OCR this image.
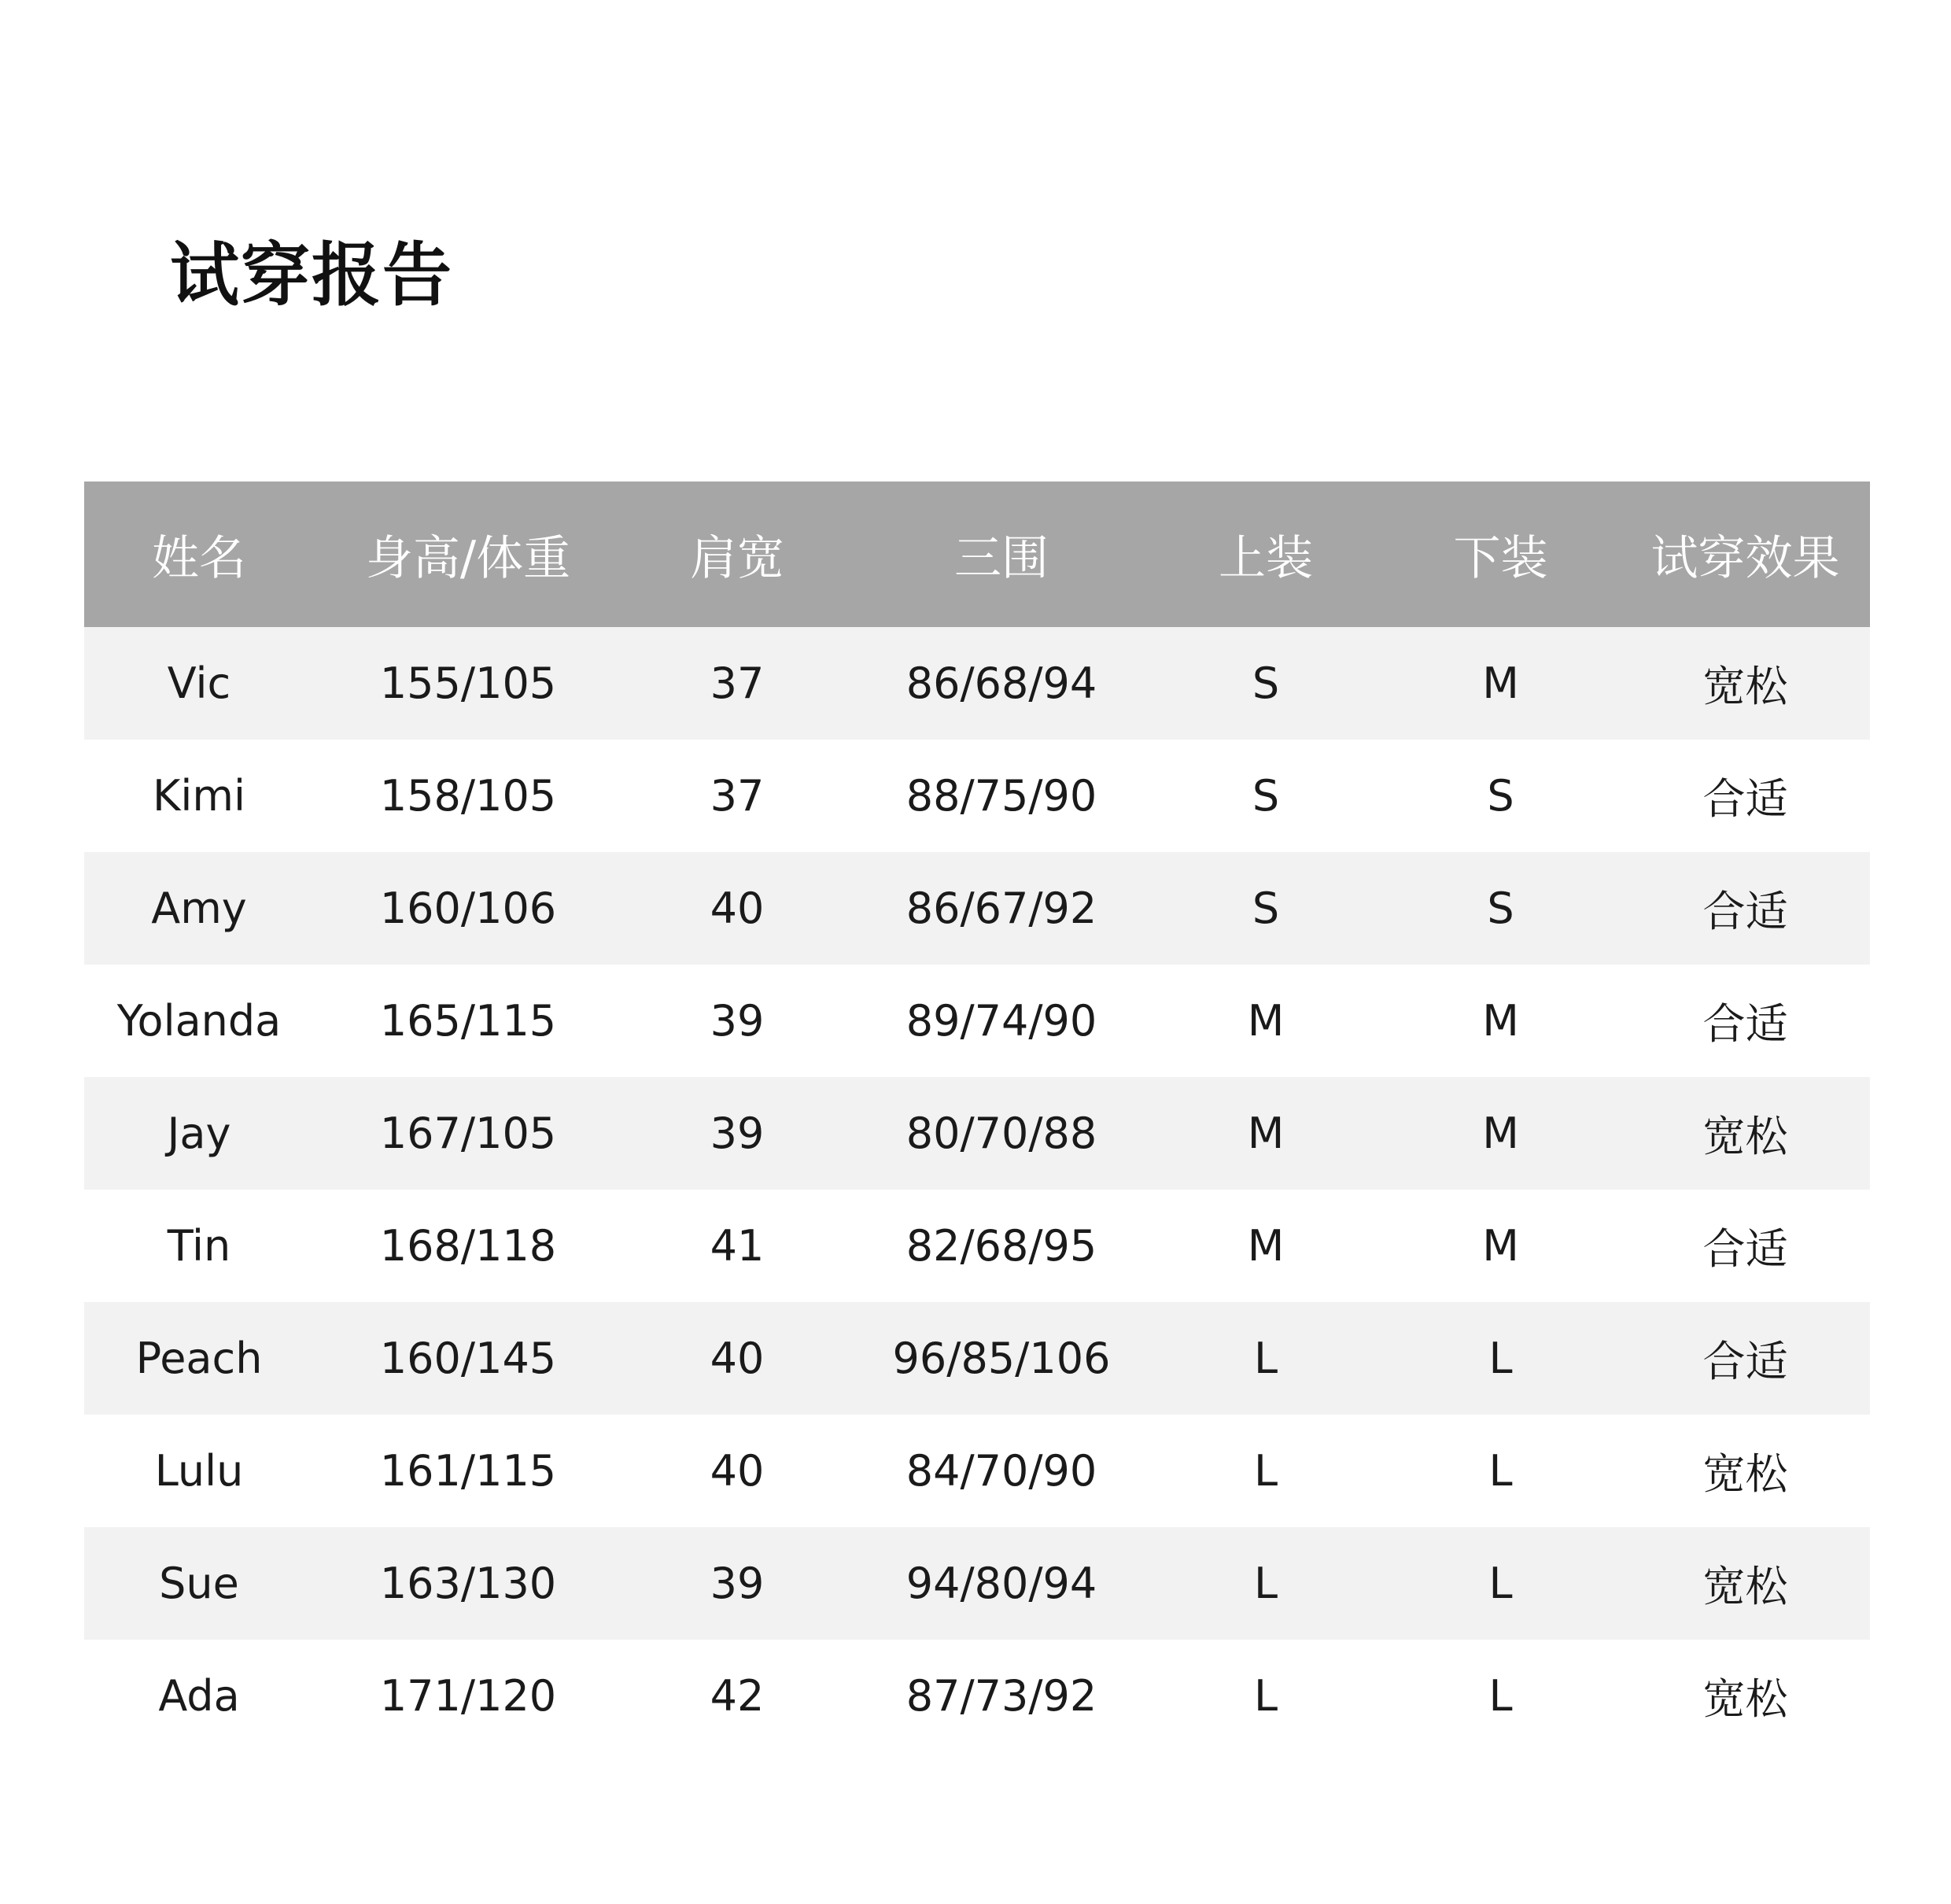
试穿报告
姓名	身高/体重	肩宽	三围	上装	下装	试穿效果
Vic	155/105	37	86/68/94	S	M	宽松
Kimi	158/105	37	88/75/90	S	S	合适
Amy	160/106	40	86/67/92	S	S	合适
Yolanda	165/115	39	89/74/90	M	M	合适
Jay	167/105	39	80/70/88	M	M	宽松
Tin	168/118	41	82/68/95	M	M	合适
Peach	160/145	40	96/85/106	L	L	合适
Lulu	161/115	40	84/70/90	L	L	宽松
Sue	163/130	39	94/80/94	L	L	宽松
Ada	171/120	42	87/73/92	L	L	宽松
